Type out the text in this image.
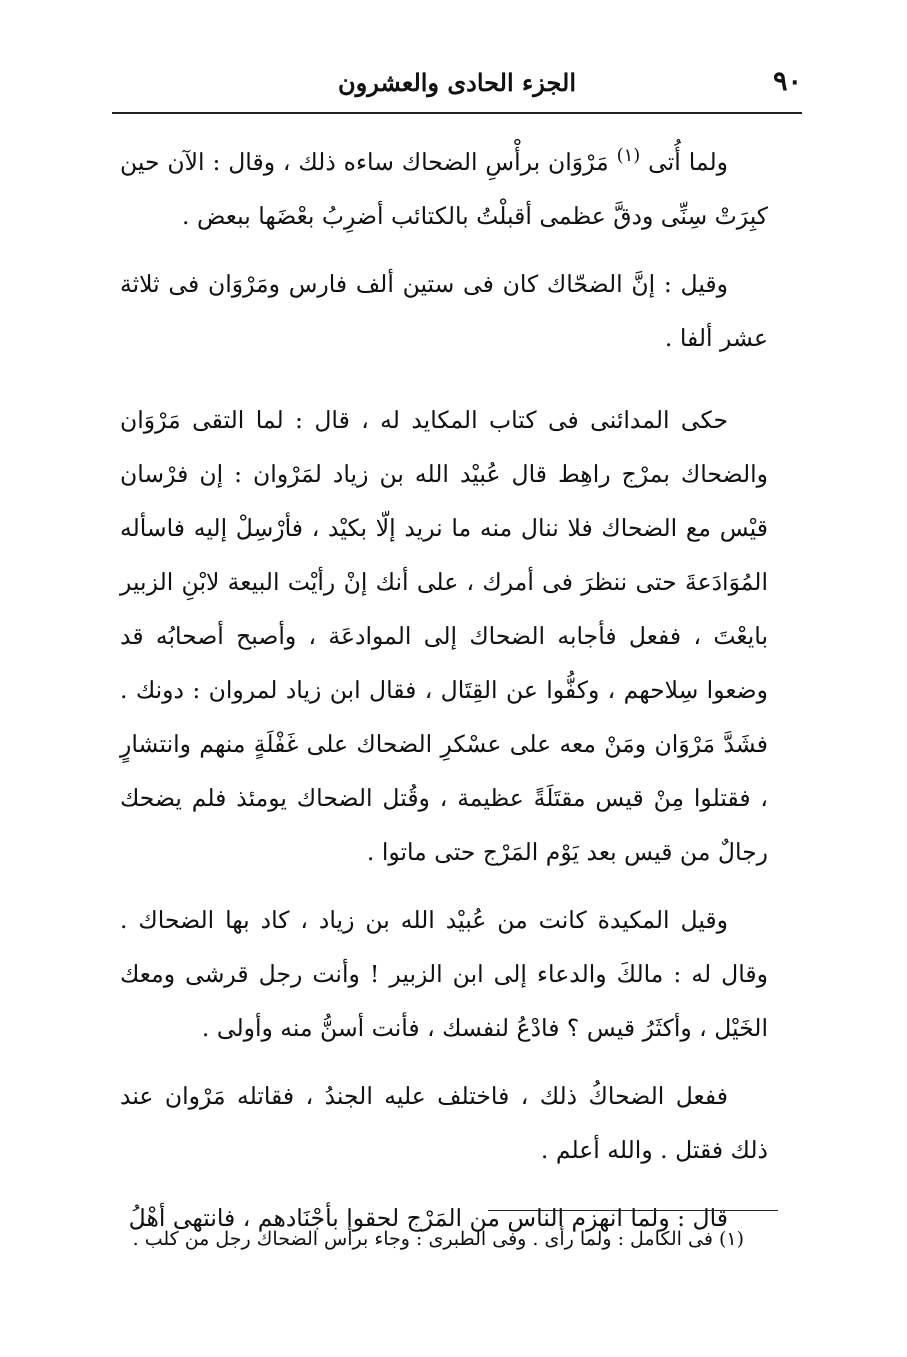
٩٠
الجزء الحادى والعشرون

ولما أُتى $^{(١)}$ مَرْوَان برأْسِ الضحاك ساءه ذلك ، وقال : الآن حين كبِرَتْ سِنِّى ودقَّ عظمى أقبلْتُ بالكتائب أضرِبُ بعْضَها ببعض .

وقيل : إنَّ الضحّاك كان فى ستين ألف فارس ومَرْوَان فى ثلاثة عشر ألفا .

حكى المدائنى فى كتاب المكايد له ، قال : لما التقى مَرْوَان والضحاك بمرْج راهِط قال عُبيْد الله بن زياد لمَرْوان : إن فرْسان قيْس مع الضحاك فلا ننال منه ما نريد إلّا بكيْد ، فأرْسِلْ إليه فاسأله المُوَادَعةَ حتى ننظرَ فى أمرك ، على أنك إنْ رأيْت البيعة لابْنِ الزبير بايعْتَ ، ففعل فأجابه الضحاك إلى الموادعَة ، وأصبح أصحابُه قد وضعوا سِلاحهم ، وكفُّوا عن القِتَال ، فقال ابن زياد لمروان : دونك . فشَدَّ مَرْوَان ومَنْ معه على عسْكرِ الضحاك على غَفْلَةٍ منهم وانتشارٍ ، فقتلوا مِنْ قيس مقتَلَةً عظيمة ، وقُتل الضحاك يومئذ فلم يضحك رجالٌ من قيس بعد يَوْم المَرْج حتى ماتوا .

وقيل المكيدة كانت من عُبيْد الله بن زياد ، كاد بها الضحاك . وقال له : مالكَ والدعاء إلى ابن الزبير ! وأنت رجل قرشى ومعك الخَيْل ، وأكثَرُ قيس ؟ فادْعُ لنفسك ، فأنت أسنُّ منه وأولى .

ففعل الضحاكُ ذلك ، فاختلف عليه الجندُ ، فقاتله مَرْوان عند ذلك فقتل . والله أعلم .

قال : ولما انهزم الناس من المَرْج لحقوا بأجْنَادهم ، فانتهى أهْلُ

(١) فى الكامل : ولما رأى . وفى الطبرى : وجاء برأس الضحاك رجل من كلب .
